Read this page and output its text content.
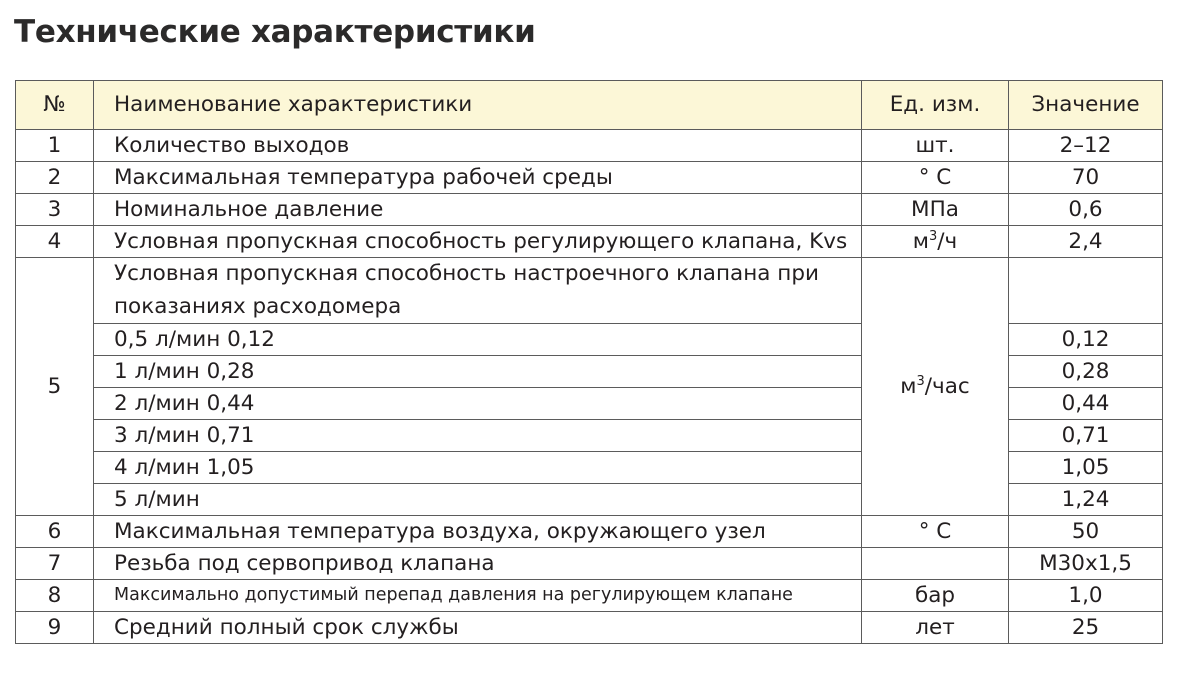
Технические характеристики
№	Наименование характеристики	Ед. изм.	Значение
1	Количество выходов	шт.	2–12
2	Максимальная температура рабочей среды	° С	70
3	Номинальное давление	МПа	0,6
4	Условная пропускная способность регулирующего клапана, Kvs	$м^3/ч$	2,4
5	Условная пропускная способность настроечного клапана при показаниях расходомера	$м^3$/час	
	0,5 л/мин 0,12		0,12
	1 л/мин 0,28		0,28
	2 л/мин 0,44		0,44
	3 л/мин 0,71		0,71
	4 л/мин 1,05		1,05
	5 л/мин		1,24
6	Максимальная температура воздуха, окружающего узел	° С	50
7	Резьба под сервопривод клапана		М30х1,5
8	Максимально допустимый перепад давления на регулирующем клапане	бар	1,0
9	Средний полный срок службы	лет	25
